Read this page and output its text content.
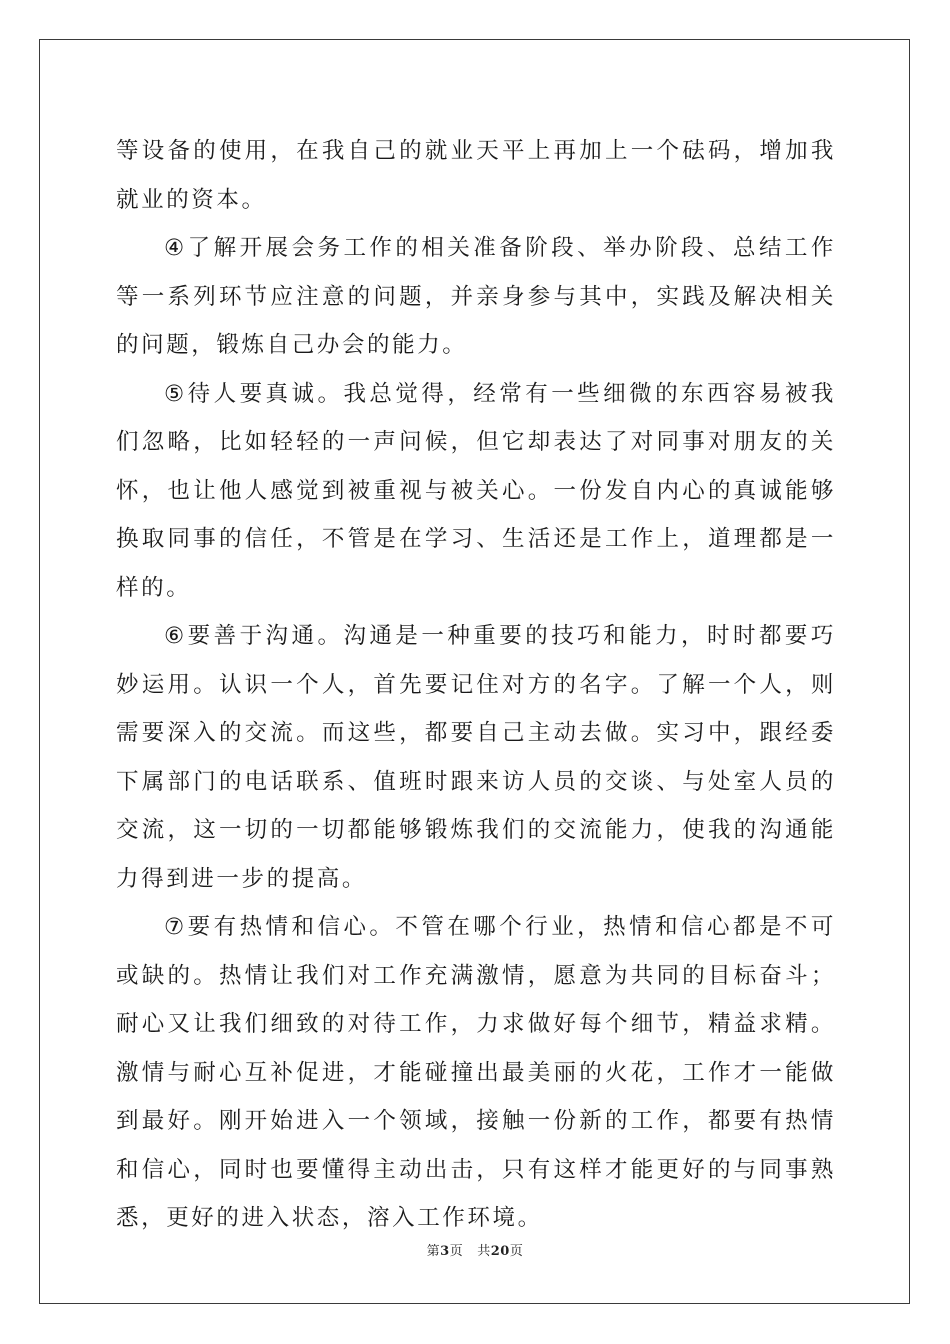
等设备的使用，在我自己的就业天平上再加上一个砝码，增加我就业的资本。

④了解开展会务工作的相关准备阶段、举办阶段、总结工作等一系列环节应注意的问题，并亲身参与其中，实践及解决相关的问题，锻炼自己办会的能力。

⑤待人要真诚。我总觉得，经常有一些细微的东西容易被我们忽略，比如轻轻的一声问候，但它却表达了对同事对朋友的关怀，也让他人感觉到被重视与被关心。一份发自内心的真诚能够换取同事的信任，不管是在学习、生活还是工作上，道理都是一样的。

⑥要善于沟通。沟通是一种重要的技巧和能力，时时都要巧妙运用。认识一个人，首先要记住对方的名字。了解一个人，则需要深入的交流。而这些，都要自己主动去做。实习中，跟经委下属部门的电话联系、值班时跟来访人员的交谈、与处室人员的交流，这一切的一切都能够锻炼我们的交流能力，使我的沟通能力得到进一步的提高。

⑦要有热情和信心。不管在哪个行业，热情和信心都是不可或缺的。热情让我们对工作充满激情，愿意为共同的目标奋斗；耐心又让我们细致的对待工作，力求做好每个细节，精益求精。激情与耐心互补促进，才能碰撞出最美丽的火花，工作才一能做到最好。刚开始进入一个领域，接触一份新的工作，都要有热情和信心，同时也要懂得主动出击，只有这样才能更好的与同事熟悉，更好的进入状态，溶入工作环境。

第3页 共20页
